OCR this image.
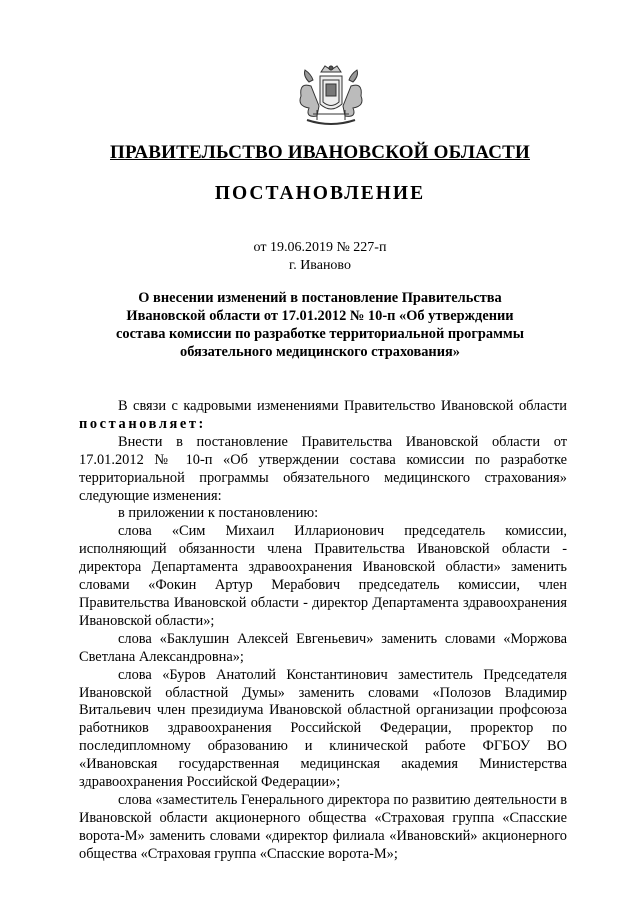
ПРАВИТЕЛЬСТВО ИВАНОВСКОЙ ОБЛАСТИ
ПОСТАНОВЛЕНИЕ
от 19.06.2019 № 227-п
г. Иваново
О внесении изменений в постановление Правительства Ивановской области от 17.01.2012 № 10-п «Об утверждении состава комиссии по разработке территориальной программы обязательного медицинского страхования»

В связи с кадровыми изменениями Правительство Ивановской области постановляет:

Внести в постановление Правительства Ивановской области от 17.01.2012 № 10-п «Об утверждении состава комиссии по разработке территориальной программы обязательного медицинского страхования» следующие изменения:

в приложении к постановлению:

слова «Сим Михаил Илларионович председатель комиссии, исполняющий обязанности члена Правительства Ивановской области - директора Департамента здравоохранения Ивановской области» заменить словами «Фокин Артур Мерабович председатель комиссии, член Правительства Ивановской области - директор Департамента здравоохранения Ивановской области»;

слова «Баклушин Алексей Евгеньевич» заменить словами «Моржова Светлана Александровна»;

слова «Буров Анатолий Константинович заместитель Председателя Ивановской областной Думы» заменить словами «Полозов Владимир Витальевич член президиума Ивановской областной организации профсоюза работников здравоохранения Российской Федерации, проректор по последипломному образованию и клинической работе ФГБОУ ВО «Ивановская государственная медицинская академия Министерства здравоохранения Российской Федерации»;

слова «заместитель Генерального директора по развитию деятельности в Ивановской области акционерного общества «Страховая группа «Спасские ворота-М» заменить словами «директор филиала «Ивановский» акционерного общества «Страховая группа «Спасские ворота-М»;
